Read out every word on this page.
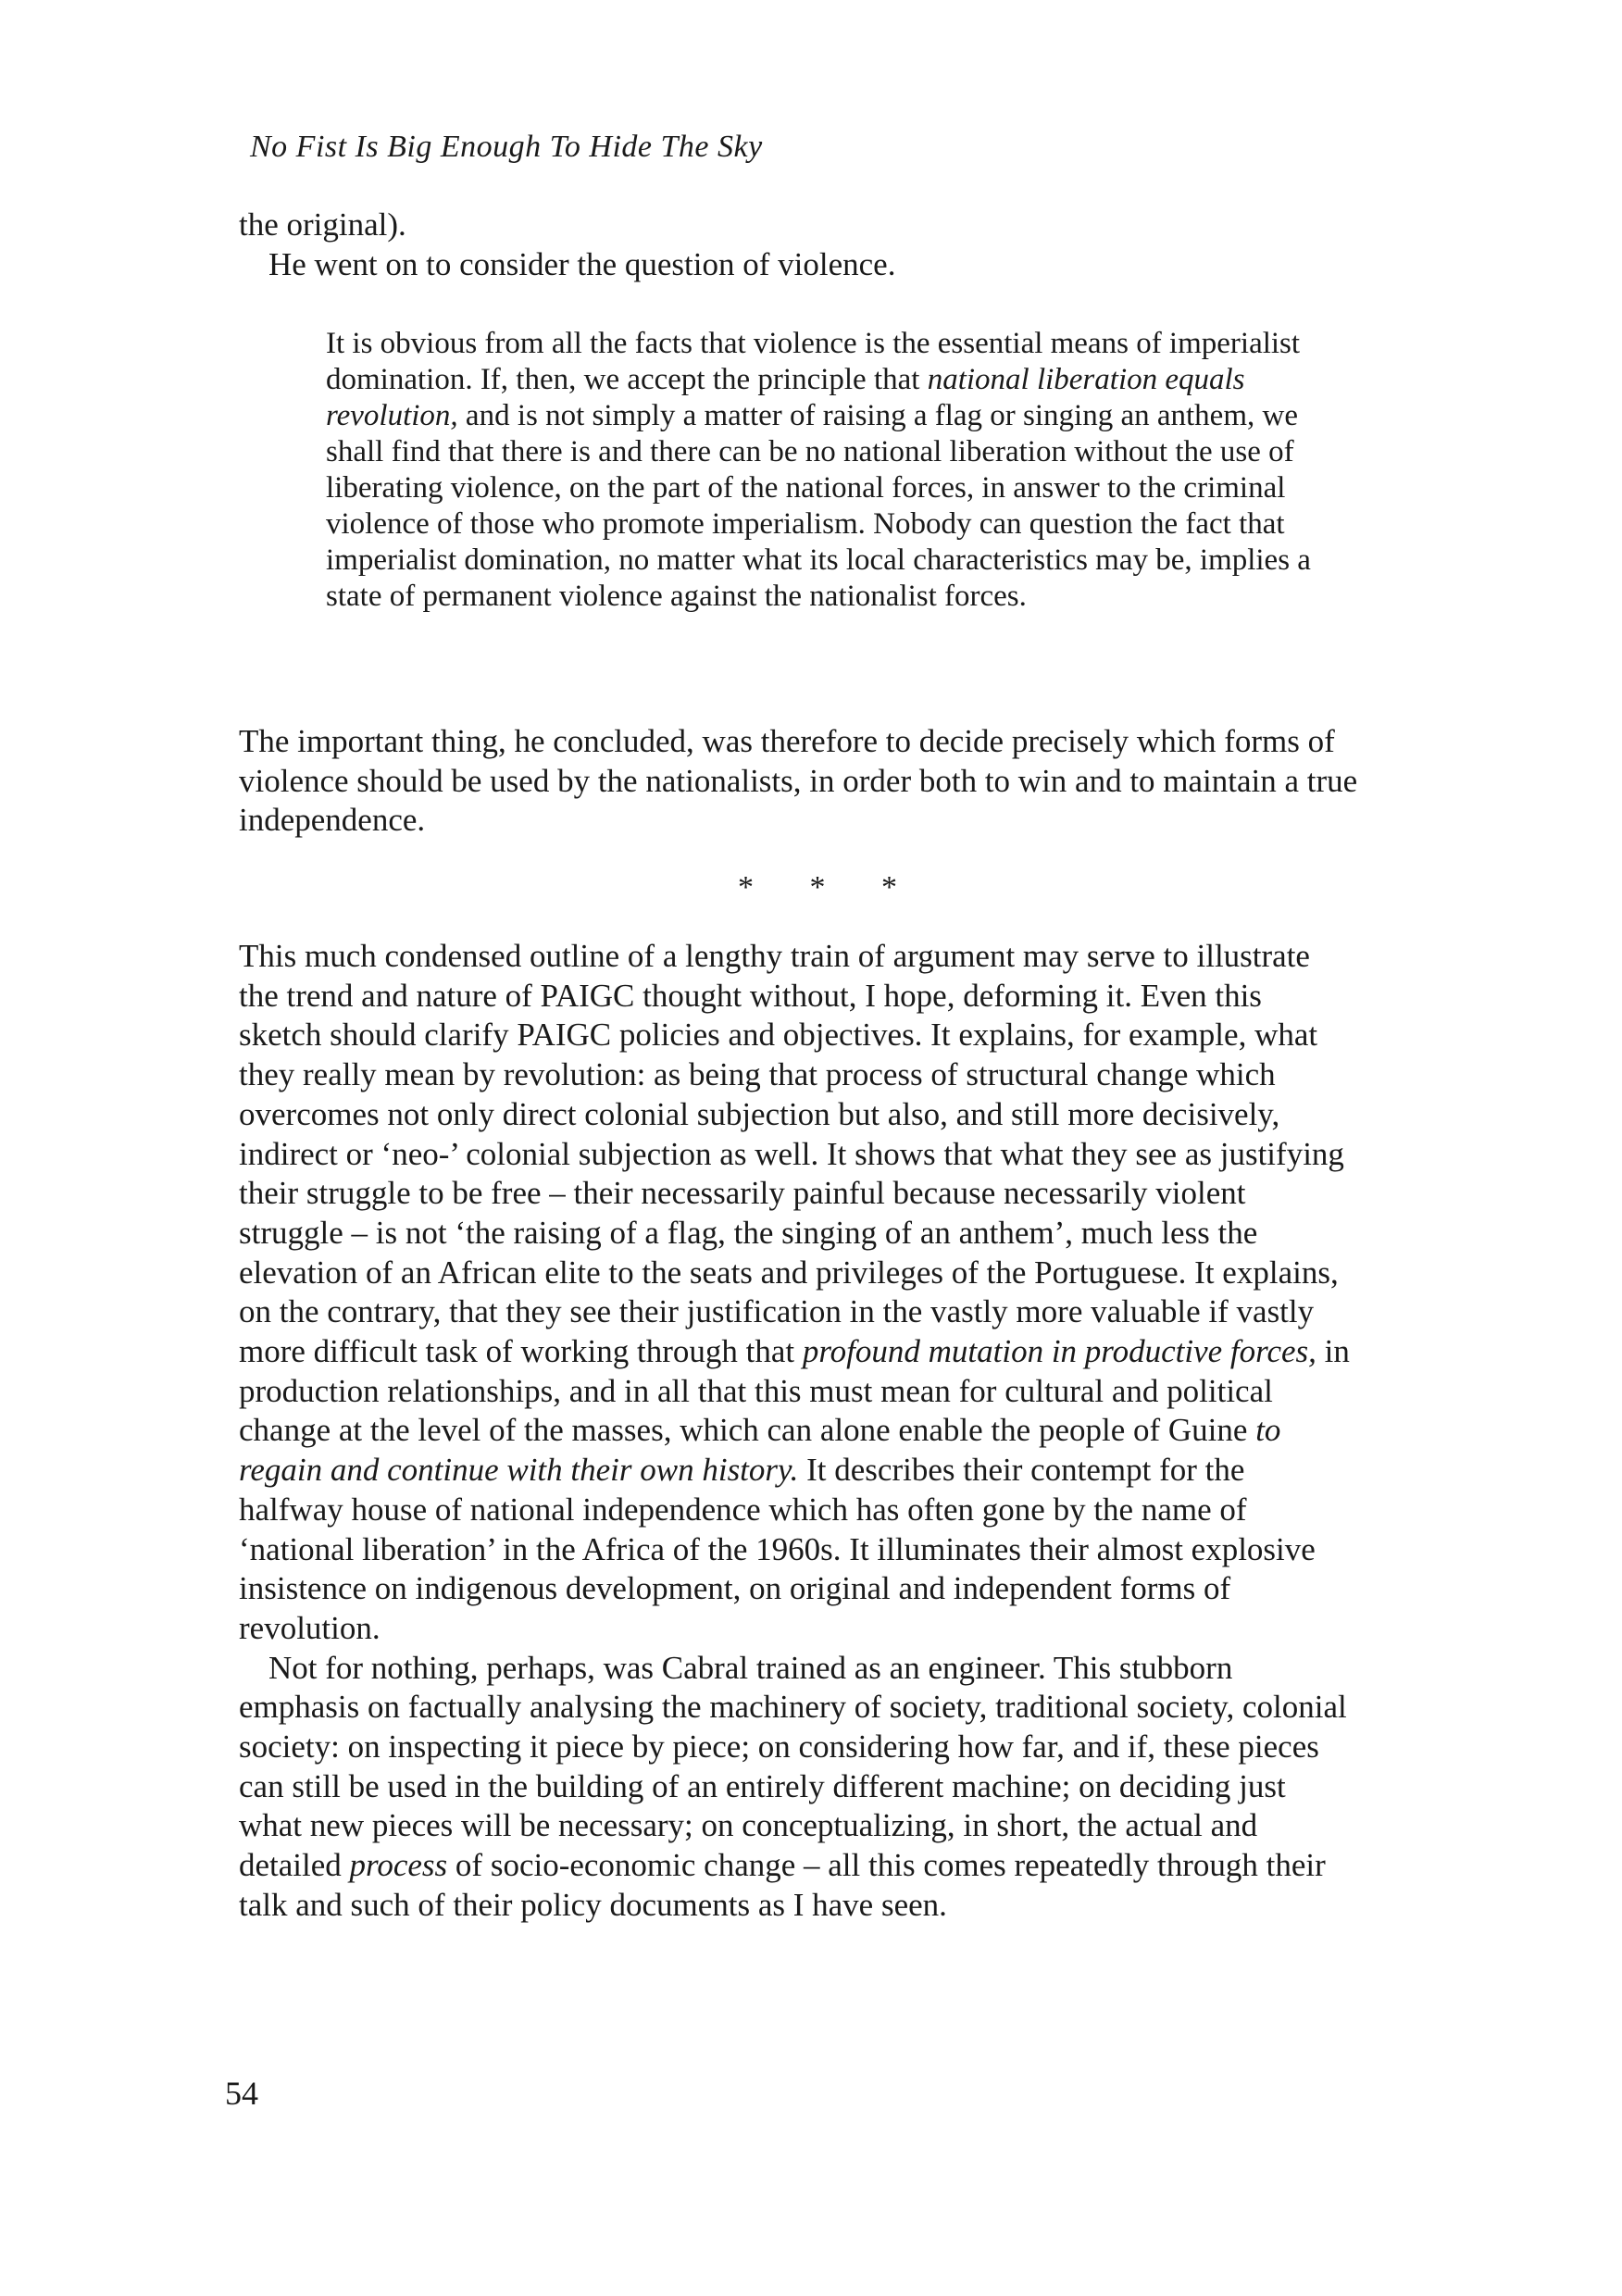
No Fist Is Big Enough To Hide The Sky

the original).

He went on to consider the question of violence.

It is obvious from all the facts that violence is the essential means of imperialist domination. If, then, we accept the principle that national liberation equals revolution, and is not simply a matter of raising a flag or singing an anthem, we shall find that there is and there can be no national liberation without the use of liberating violence, on the part of the national forces, in answer to the criminal violence of those who promote imperialism. Nobody can question the fact that imperialist domination, no matter what its local characteristics may be, implies a state of permanent violence against the nationalist forces.
The important thing, he concluded, was therefore to decide precisely which forms of violence should be used by the nationalists, in order both to win and to maintain a true independence.
* * *

This much condensed outline of a lengthy train of argument may serve to illustrate the trend and nature of PAIGC thought without, I hope, deforming it. Even this sketch should clarify PAIGC policies and objectives. It explains, for example, what they really mean by revolution: as being that process of structural change which overcomes not only direct colonial subjection but also, and still more decisively, indirect or ‘neo-’ colonial subjection as well. It shows that what they see as justifying their struggle to be free – their necessarily painful because necessarily violent struggle – is not ‘the raising of a flag, the singing of an anthem’, much less the elevation of an African elite to the seats and privileges of the Portuguese. It explains, on the contrary, that they see their justification in the vastly more valuable if vastly more difficult task of working through that profound mutation in productive forces, in production relationships, and in all that this must mean for cultural and political change at the level of the masses, which can alone enable the people of Guine to regain and continue with their own history. It describes their contempt for the halfway house of national independence which has often gone by the name of ‘national liberation’ in the Africa of the 1960s. It illuminates their almost explosive insistence on indigenous development, on original and independent forms of revolution.

Not for nothing, perhaps, was Cabral trained as an engineer. This stubborn emphasis on factually analysing the machinery of society, traditional society, colonial society: on inspecting it piece by piece; on considering how far, and if, these pieces can still be used in the building of an entirely different machine; on deciding just what new pieces will be necessary; on conceptualizing, in short, the actual and detailed process of socio-economic change – all this comes repeatedly through their talk and such of their policy documents as I have seen.

54
